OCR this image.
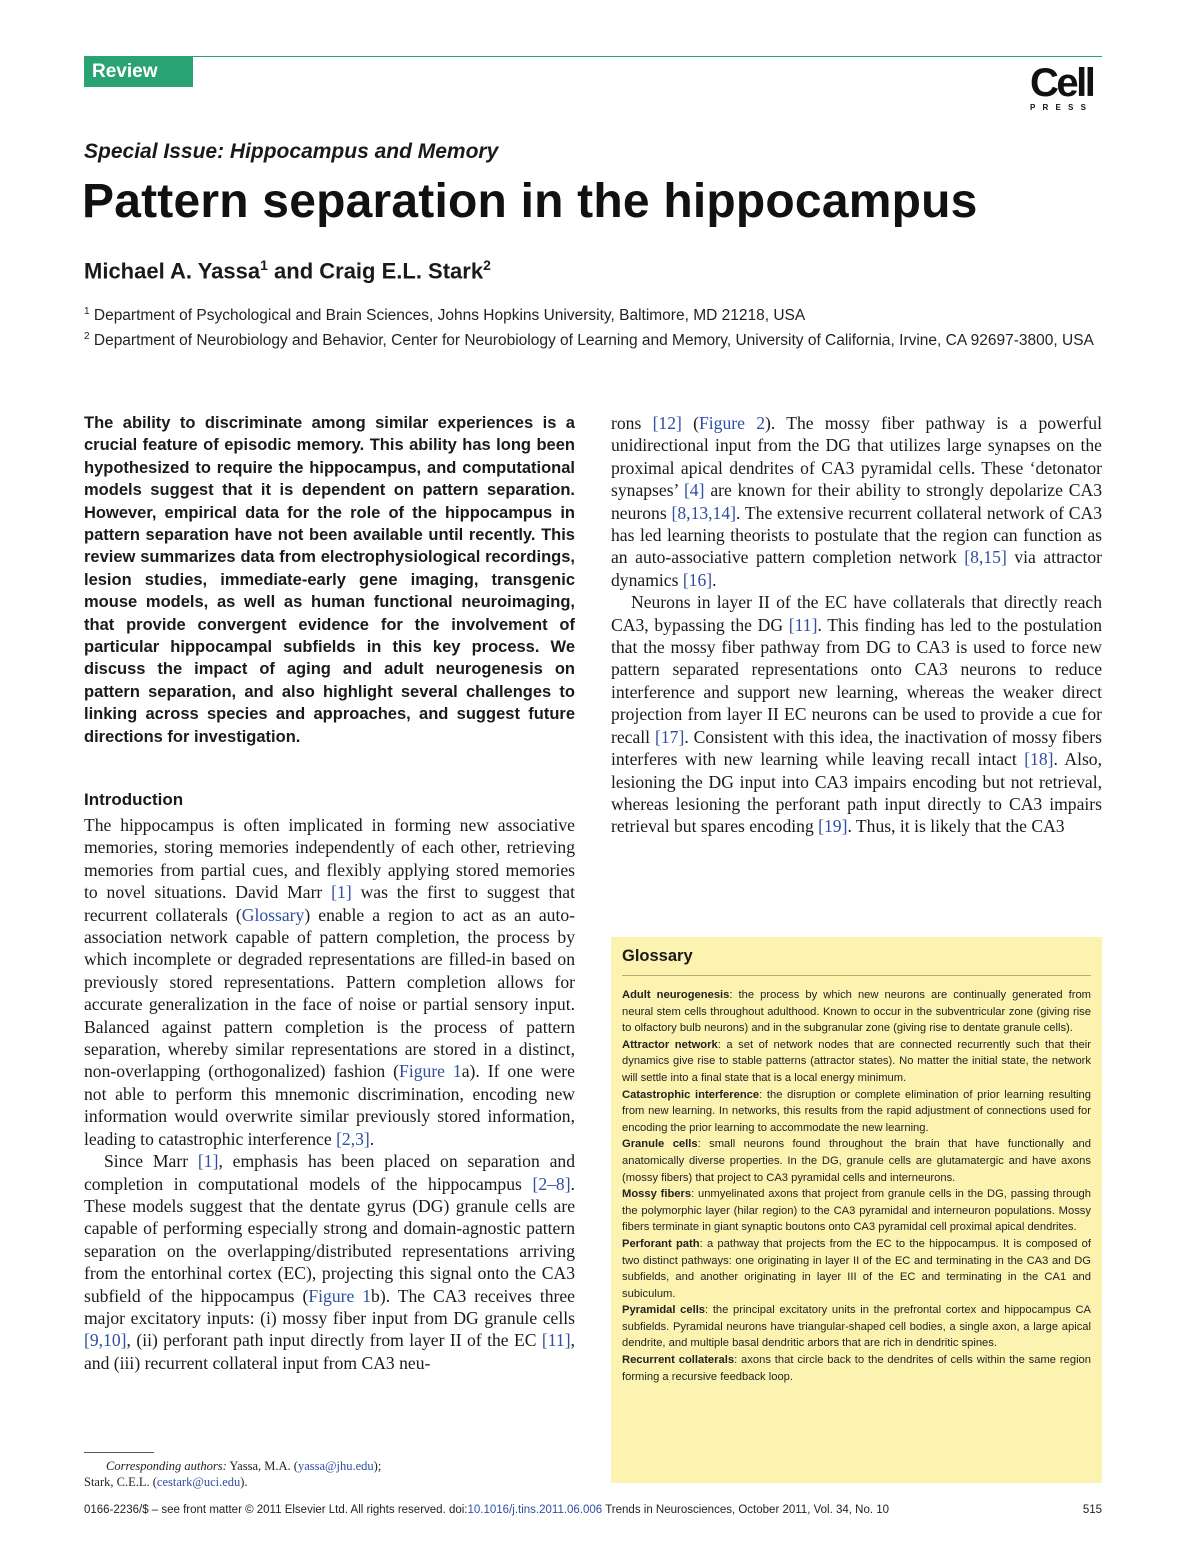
Review	Cell
PRESS
Special Issue: Hippocampus and Memory
Pattern separation in the hippocampus
Michael A. Yassa$^1$ and Craig E.L. Stark$^2$

$^1$ Department of Psychological and Brain Sciences, Johns Hopkins University, Baltimore, MD 21218, USA

$^2$ Department of Neurobiology and Behavior, Center for Neurobiology of Learning and Memory, University of California, Irvine, CA 92697-3800, USA

The ability to discriminate among similar experiences is a crucial feature of episodic memory. This ability has long been hypothesized to require the hippocampus, and computational models suggest that it is dependent on pattern separation. However, empirical data for the role of the hippocampus in pattern separation have not been available until recently. This review summarizes data from electrophysiological recordings, lesion studies, immediate-early gene imaging, transgenic mouse models, as well as human functional neuroimaging, that provide convergent evidence for the involvement of particular hippocampal subfields in this key process. We discuss the impact of aging and adult neurogenesis on pattern separation, and also highlight several challenges to linking across species and approaches, and suggest future directions for investigation.

Introduction

The hippocampus is often implicated in forming new associative memories, storing memories independently of each other, retrieving memories from partial cues, and flexibly applying stored memories to novel situations. David Marr [1] was the first to suggest that recurrent collaterals (Glossary) enable a region to act as an auto-association network capable of pattern completion, the process by which incomplete or degraded representations are filled-in based on previously stored representations. Pattern completion allows for accurate generalization in the face of noise or partial sensory input. Balanced against pattern completion is the process of pattern separation, whereby similar representations are stored in a distinct, non-overlapping (orthogonalized) fashion (Figure 1a). If one were not able to perform this mnemonic discrimination, encoding new information would overwrite similar previously stored information, leading to catastrophic interference [2,3].

Since Marr [1], emphasis has been placed on separation and completion in computational models of the hippocampus [2–8]. These models suggest that the dentate gyrus (DG) granule cells are capable of performing especially strong and domain-agnostic pattern separation on the overlapping/distributed representations arriving from the entorhinal cortex (EC), projecting this signal onto the CA3 subfield of the hippocampus (Figure 1b). The CA3 receives three major excitatory inputs: (i) mossy fiber input from DG granule cells [9,10], (ii) perforant path input directly from layer II of the EC [11], and (iii) recurrent collateral input from CA3 neu-

rons [12] (Figure 2). The mossy fiber pathway is a powerful unidirectional input from the DG that utilizes large synapses on the proximal apical dendrites of CA3 pyramidal cells. These ‘detonator synapses’ [4] are known for their ability to strongly depolarize CA3 neurons [8,13,14]. The extensive recurrent collateral network of CA3 has led learning theorists to postulate that the region can function as an auto-associative pattern completion network [8,15] via attractor dynamics [16].

Neurons in layer II of the EC have collaterals that directly reach CA3, bypassing the DG [11]. This finding has led to the postulation that the mossy fiber pathway from DG to CA3 is used to force new pattern separated representations onto CA3 neurons to reduce interference and support new learning, whereas the weaker direct projection from layer II EC neurons can be used to provide a cue for recall [17]. Consistent with this idea, the inactivation of mossy fibers interferes with new learning while leaving recall intact [18]. Also, lesioning the DG input into CA3 impairs encoding but not retrieval, whereas lesioning the perforant path input directly to CA3 impairs retrieval but spares encoding [19]. Thus, it is likely that the CA3

Glossary

Adult neurogenesis: the process by which new neurons are continually generated from neural stem cells throughout adulthood. Known to occur in the subventricular zone (giving rise to olfactory bulb neurons) and in the subgranular zone (giving rise to dentate granule cells).

Attractor network: a set of network nodes that are connected recurrently such that their dynamics give rise to stable patterns (attractor states). No matter the initial state, the network will settle into a final state that is a local energy minimum.

Catastrophic interference: the disruption or complete elimination of prior learning resulting from new learning. In networks, this results from the rapid adjustment of connections used for encoding the prior learning to accommodate the new learning.

Granule cells: small neurons found throughout the brain that have functionally and anatomically diverse properties. In the DG, granule cells are glutamatergic and have axons (mossy fibers) that project to CA3 pyramidal cells and interneurons.

Mossy fibers: unmyelinated axons that project from granule cells in the DG, passing through the polymorphic layer (hilar region) to the CA3 pyramidal and interneuron populations. Mossy fibers terminate in giant synaptic boutons onto CA3 pyramidal cell proximal apical dendrites.

Perforant path: a pathway that projects from the EC to the hippocampus. It is composed of two distinct pathways: one originating in layer II of the EC and terminating in the CA3 and DG subfields, and another originating in layer III of the EC and terminating in the CA1 and subiculum.

Pyramidal cells: the principal excitatory units in the prefrontal cortex and hippocampus CA subfields. Pyramidal neurons have triangular-shaped cell bodies, a single axon, a large apical dendrite, and multiple basal dendritic arbors that are rich in dendritic spines.

Recurrent collaterals: axons that circle back to the dendrites of cells within the same region forming a recursive feedback loop.

Corresponding authors: Yassa, M.A. (yassa@jhu.edu);
Stark, C.E.L. (cestark@uci.edu).
0166-2236/$ – see front matter © 2011 Elsevier Ltd. All rights reserved. doi:10.1016/j.tins.2011.06.006 Trends in Neurosciences, October 2011, Vol. 34, No. 10	515
